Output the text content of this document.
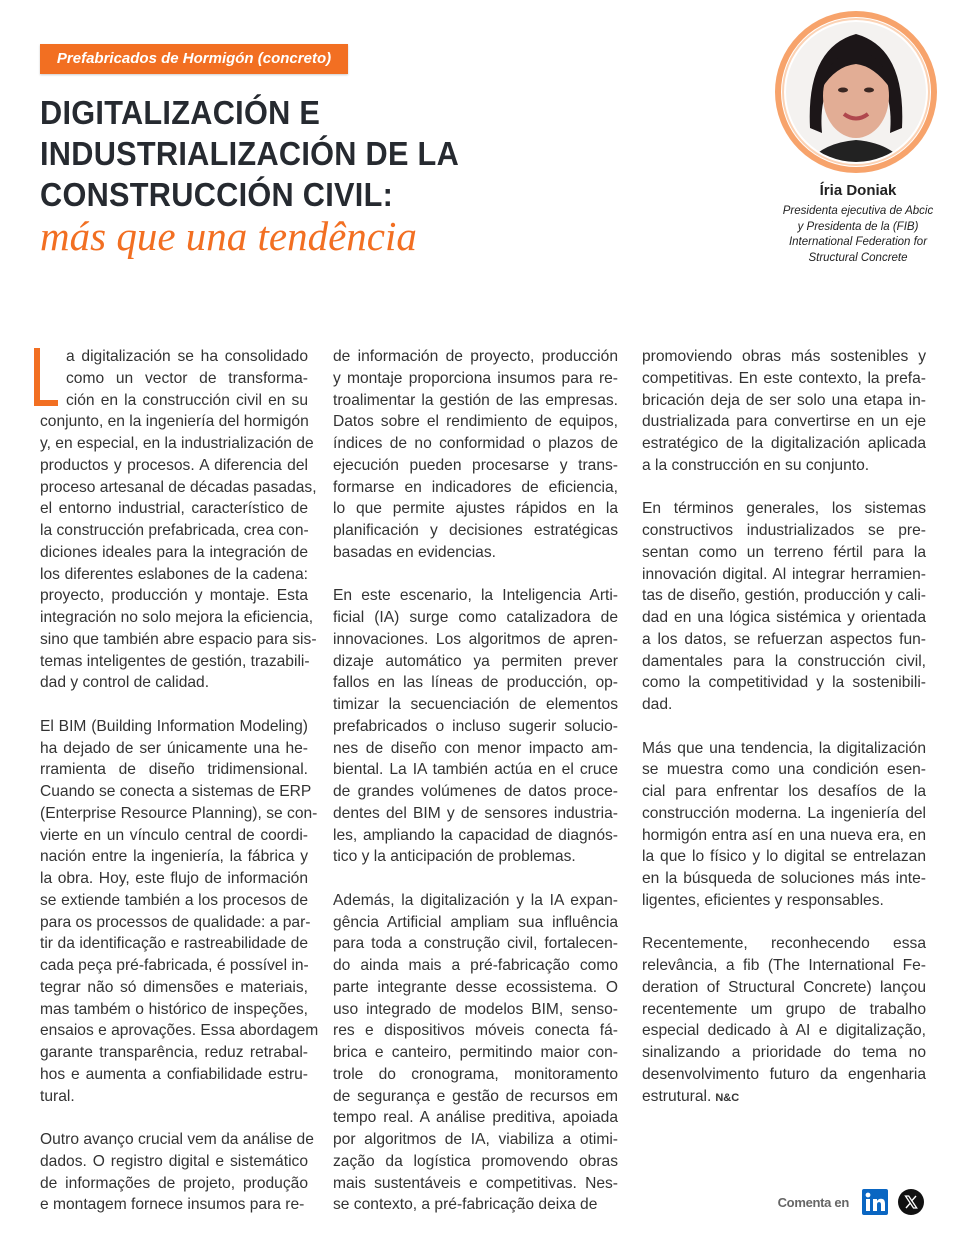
Prefabricados de Hormigón (concreto)
DIGITALIZACIÓN E
INDUSTRIALIZACIÓN DE LA
CONSTRUCCIÓN CIVIL:
más que una tendência
Íria Doniak
Presidenta ejecutiva de Abcic
y Presidenta de la (FIB)
International Federation for
Structural Concrete
a digitalización se ha consolidado
como un vector de transforma-
ción en la construcción civil en su
conjunto, en la ingeniería del hormigón
y, en especial, en la industrialización de
productos y procesos. A diferencia del
proceso artesanal de décadas pasadas,
el entorno industrial, característico de
la construcción prefabricada, crea con-
diciones ideales para la integración de
los diferentes eslabones de la cadena:
proyecto, producción y montaje. Esta
integración no solo mejora la eficiencia,
sino que también abre espacio para sis-
temas inteligentes de gestión, trazabili-
dad y control de calidad.
El BIM (Building Information Modeling)
ha dejado de ser únicamente una he-
rramienta de diseño tridimensional.
Cuando se conecta a sistemas de ERP
(Enterprise Resource Planning), se con-
vierte en un vínculo central de coordi-
nación entre la ingeniería, la fábrica y
la obra. Hoy, este flujo de información
se extiende también a los procesos de
para os processos de qualidade: a par-
tir da identificação e rastreabilidade de
cada peça pré-fabricada, é possível in-
tegrar não só dimensões e materiais,
mas também o histórico de inspeções,
ensaios e aprovações. Essa abordagem
garante transparência, reduz retrabal-
hos e aumenta a confiabilidade estru-
tural.
Outro avanço crucial vem da análise de
dados. O registro digital e sistemático
de informações de projeto, produção
e montagem fornece insumos para re-
de información de proyecto, producción
y montaje proporciona insumos para re-
troalimentar la gestión de las empresas.
Datos sobre el rendimiento de equipos,
índices de no conformidad o plazos de
ejecución pueden procesarse y trans-
formarse en indicadores de eficiencia,
lo que permite ajustes rápidos en la
planificación y decisiones estratégicas
basadas en evidencias.
En este escenario, la Inteligencia Arti-
ficial (IA) surge como catalizadora de
innovaciones. Los algoritmos de apren-
dizaje automático ya permiten prever
fallos en las líneas de producción, op-
timizar la secuenciación de elementos
prefabricados o incluso sugerir solucio-
nes de diseño con menor impacto am-
biental. La IA también actúa en el cruce
de grandes volúmenes de datos proce-
dentes del BIM y de sensores industria-
les, ampliando la capacidad de diagnós-
tico y la anticipación de problemas.
Además, la digitalización y la IA expan-
gência Artificial ampliam sua influência
para toda a construção civil, fortalecen-
do ainda mais a pré-fabricação como
parte integrante desse ecossistema. O
uso integrado de modelos BIM, senso-
res e dispositivos móveis conecta fá-
brica e canteiro, permitindo maior con-
trole do cronograma, monitoramento
de segurança e gestão de recursos em
tempo real. A análise preditiva, apoiada
por algoritmos de IA, viabiliza a otimi-
zação da logística promovendo obras
mais sustentáveis e competitivas. Nes-
se contexto, a pré-fabricação deixa de
promoviendo obras más sostenibles y
competitivas. En este contexto, la prefa-
bricación deja de ser solo una etapa in-
dustrializada para convertirse en un eje
estratégico de la digitalización aplicada
a la construcción en su conjunto.
En términos generales, los sistemas
constructivos industrializados se pre-
sentan como un terreno fértil para la
innovación digital. Al integrar herramien-
tas de diseño, gestión, producción y cali-
dad en una lógica sistémica y orientada
a los datos, se refuerzan aspectos fun-
damentales para la construcción civil,
como la competitividad y la sostenibili-
dad.
Más que una tendencia, la digitalización
se muestra como una condición esen-
cial para enfrentar los desafíos de la
construcción moderna. La ingeniería del
hormigón entra así en una nueva era, en
la que lo físico y lo digital se entrelazan
en la búsqueda de soluciones más inte-
ligentes, eficientes y responsables.
Recentemente, reconhecendo essa
relevância, a fib (The International Fe-
deration of Structural Concrete) lançou
recentemente um grupo de trabalho
especial dedicado à AI e digitalização,
sinalizando a prioridade do tema no
desenvolvimento futuro da engenharia
estrutural. N&C
Comenta en
